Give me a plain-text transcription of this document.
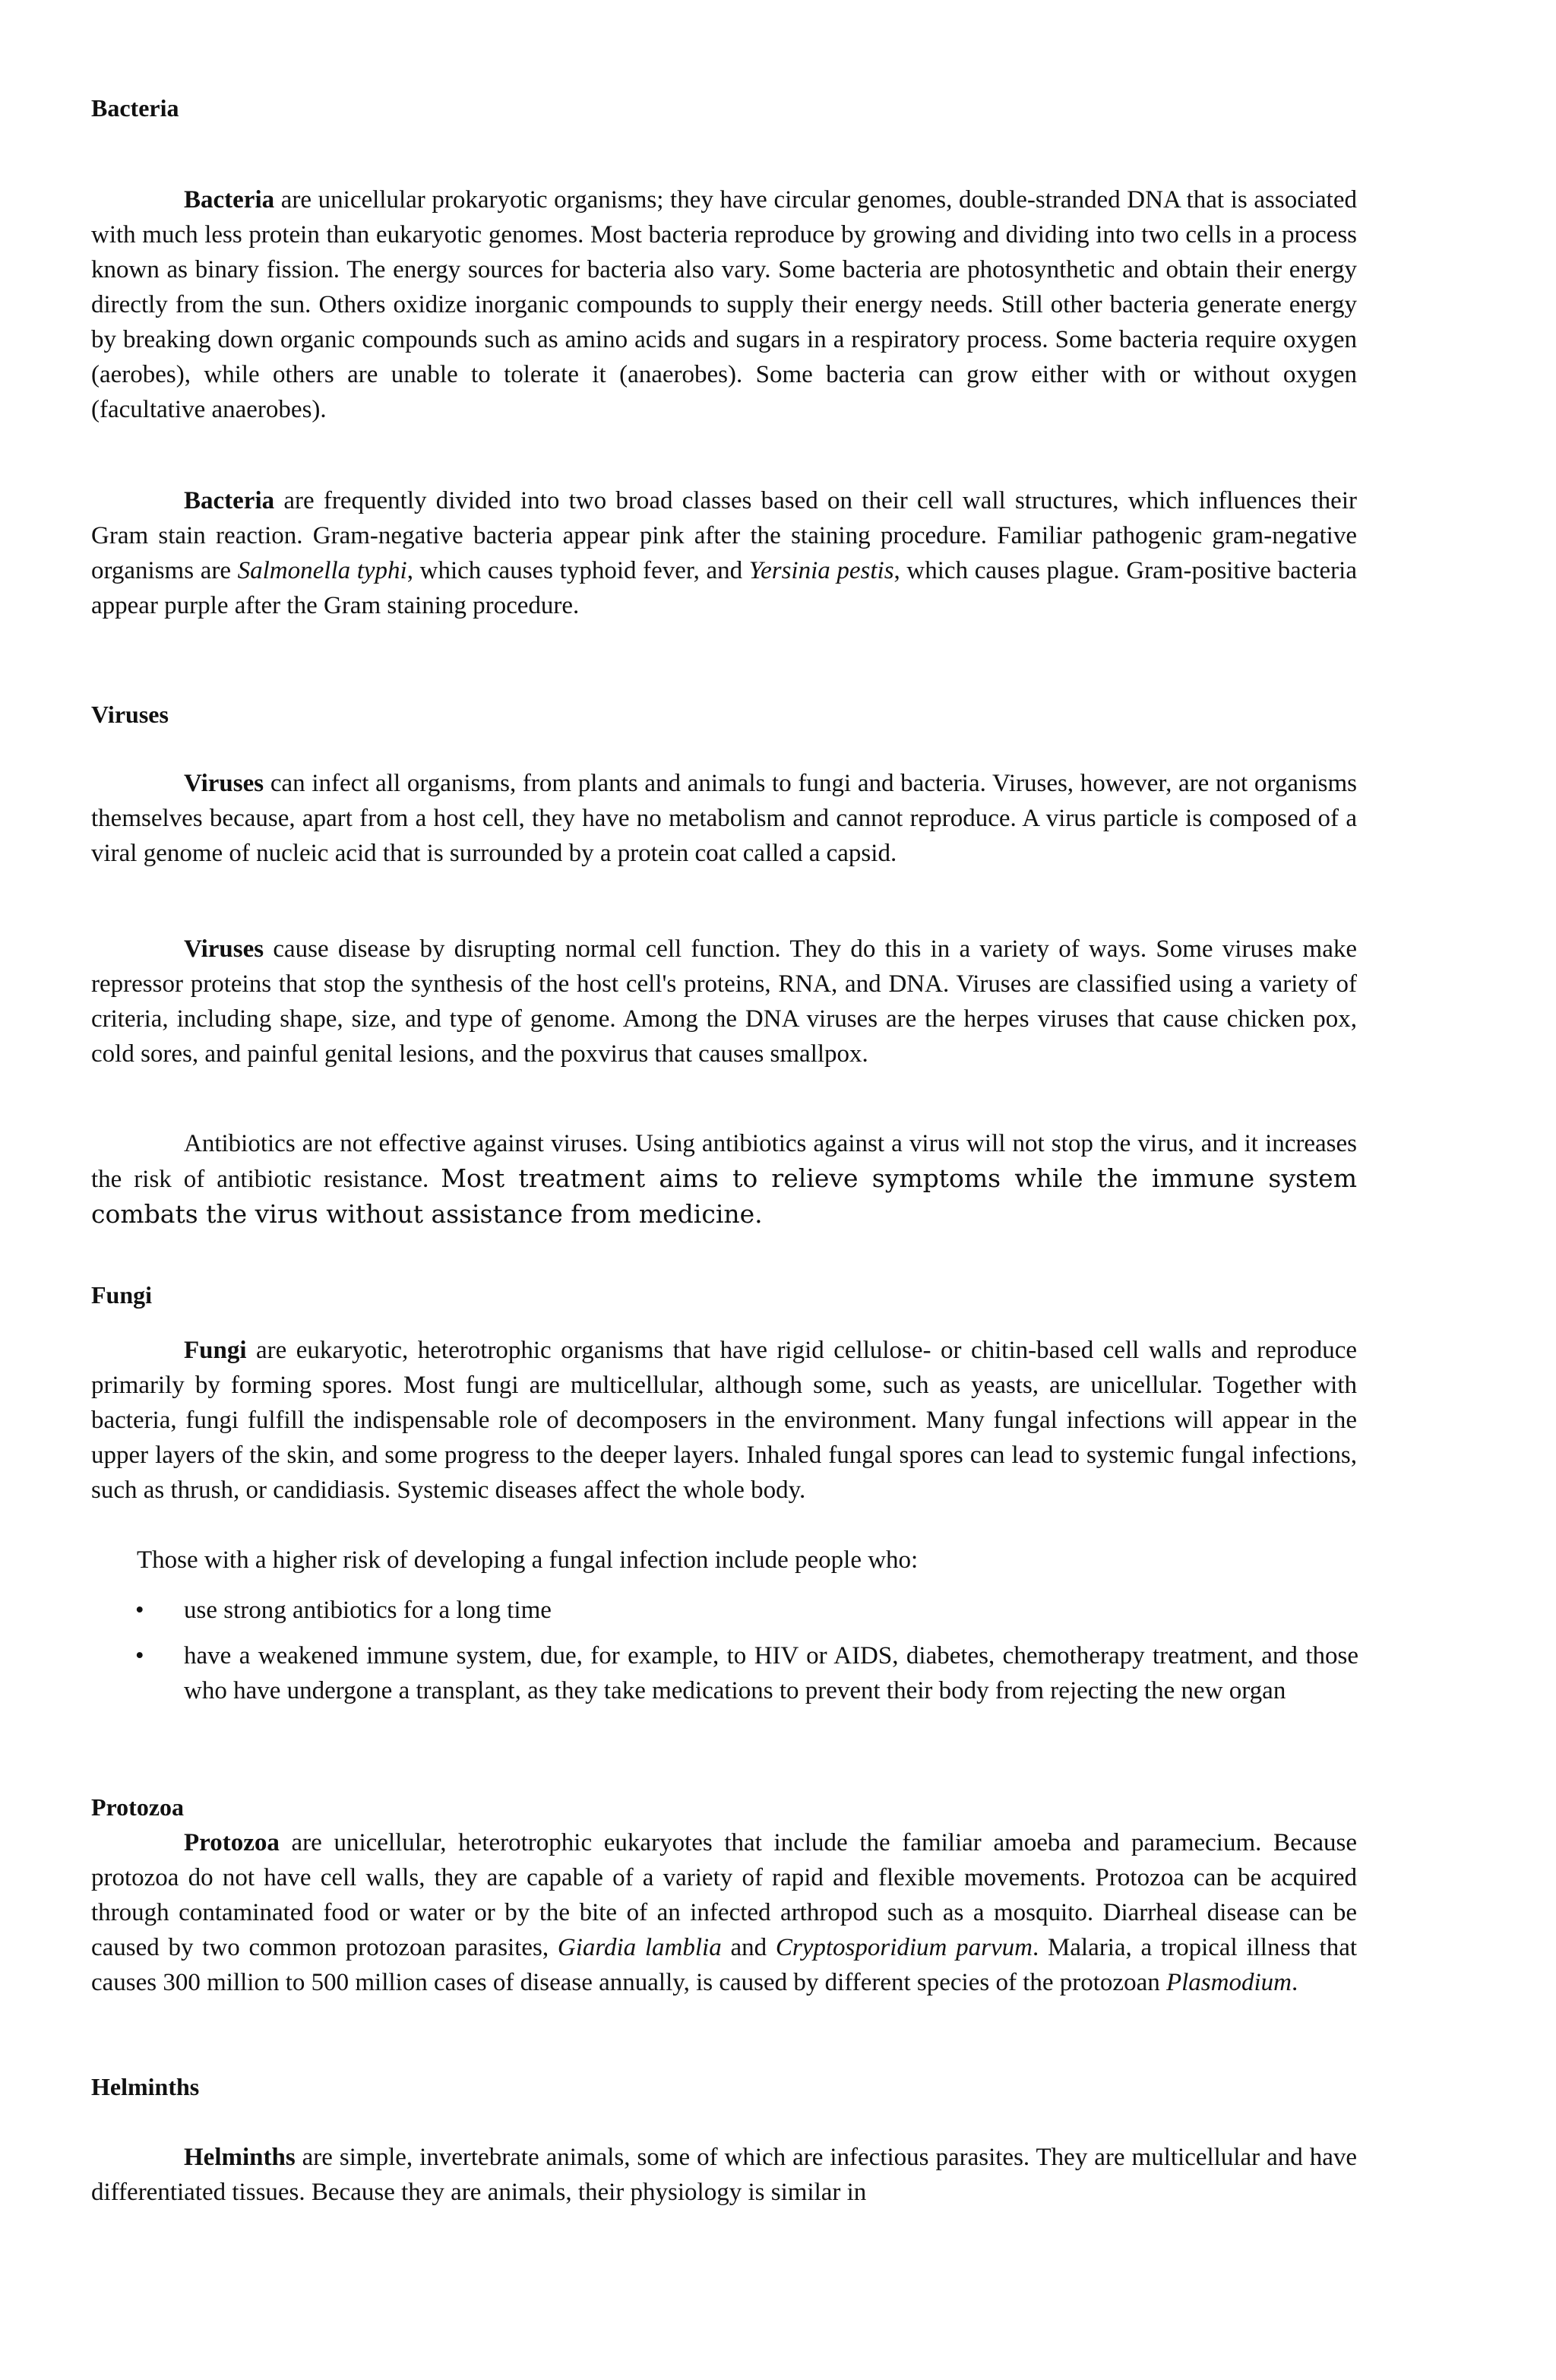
Bacteria

Bacteria are unicellular prokaryotic organisms; they have circular genomes, double-stranded DNA that is associated with much less protein than eukaryotic genomes. Most bacteria reproduce by growing and dividing into two cells in a process known as binary fission. The energy sources for bacteria also vary. Some bacteria are photosynthetic and obtain their energy directly from the sun. Others oxidize inorganic compounds to supply their energy needs. Still other bacteria generate energy by breaking down organic compounds such as amino acids and sugars in a respiratory process. Some bacteria require oxygen (aerobes), while others are unable to tolerate it (anaerobes). Some bacteria can grow either with or without oxygen (facultative anaerobes).

Bacteria are frequently divided into two broad classes based on their cell wall structures, which influences their Gram stain reaction. Gram-negative bacteria appear pink after the staining procedure. Familiar pathogenic gram-negative organisms are Salmonella typhi, which causes typhoid fever, and Yersinia pestis, which causes plague. Gram-positive bacteria appear purple after the Gram staining procedure.

Viruses

Viruses can infect all organisms, from plants and animals to fungi and bacteria. Viruses, however, are not organisms themselves because, apart from a host cell, they have no metabolism and cannot reproduce. A virus particle is composed of a viral genome of nucleic acid that is surrounded by a protein coat called a capsid.

Viruses cause disease by disrupting normal cell function. They do this in a variety of ways. Some viruses make repressor proteins that stop the synthesis of the host cell's proteins, RNA, and DNA. Viruses are classified using a variety of criteria, including shape, size, and type of genome. Among the DNA viruses are the herpes viruses that cause chicken pox, cold sores, and painful genital lesions, and the poxvirus that causes smallpox.

Antibiotics are not effective against viruses. Using antibiotics against a virus will not stop the virus, and it increases the risk of antibiotic resistance. Most treatment aims to relieve symptoms while the immune system combats the virus without assistance from medicine.

Fungi

Fungi are eukaryotic, heterotrophic organisms that have rigid cellulose- or chitin-based cell walls and reproduce primarily by forming spores. Most fungi are multicellular, although some, such as yeasts, are unicellular. Together with bacteria, fungi fulfill the indispensable role of decomposers in the environment. Many fungal infections will appear in the upper layers of the skin, and some progress to the deeper layers. Inhaled fungal spores can lead to systemic fungal infections, such as thrush, or candidiasis. Systemic diseases affect the whole body.

Those with a higher risk of developing a fungal infection include people who:

• use strong antibiotics for a long time
• have a weakened immune system, due, for example, to HIV or AIDS, diabetes, chemotherapy treatment, and those who have undergone a transplant, as they take medications to prevent their body from rejecting the new organ
Protozoa

Protozoa are unicellular, heterotrophic eukaryotes that include the familiar amoeba and paramecium. Because protozoa do not have cell walls, they are capable of a variety of rapid and flexible movements. Protozoa can be acquired through contaminated food or water or by the bite of an infected arthropod such as a mosquito. Diarrheal disease can be caused by two common protozoan parasites, Giardia lamblia and Cryptosporidium parvum. Malaria, a tropical illness that causes 300 million to 500 million cases of disease annually, is caused by different species of the protozoan Plasmodium.

Helminths

Helminths are simple, invertebrate animals, some of which are infectious parasites. They are multicellular and have differentiated tissues. Because they are animals, their physiology is similar in
